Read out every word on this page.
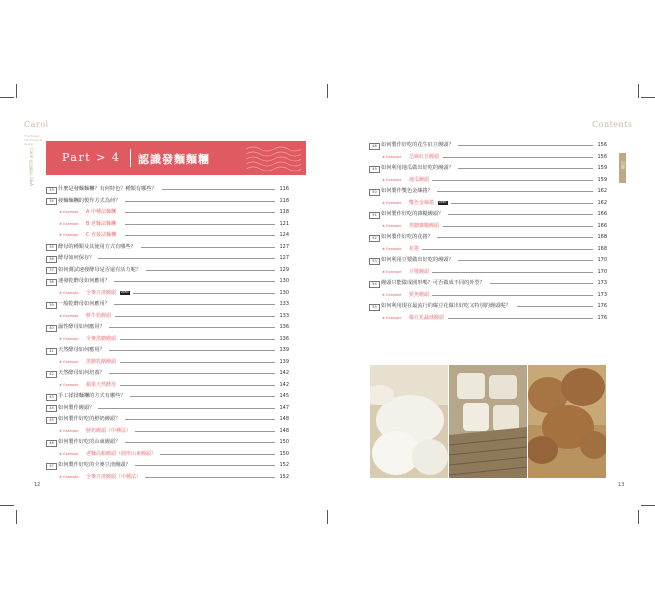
Carol
The Bread Tip Practical Guide
Carol 烘焙教室 Q&A	Part > 4 認識發麵麵糰
33 什麼是發麵麵糰？有何特色？種類有哪些？	116
34 發麵麵糰的製作方式為何？	118
★ Example A 中種法麵糰	118
★ Example B 老麵法麵糰	121
★ Example C 直接法麵糰	124
35 酵母的種類及其使用方式有哪些？	127
36 酵母如何保存？	127
37 如何測試速發酵母是否還有活力呢？	129
38 速發乾酵母如何應用？	130
★ Example 全麥豆渣饅頭	VIDEO	130
39 一般乾酵母如何應用？	133
★ Example 鮮牛奶饅頭	133
40 濕性酵母如何應用？	136
★ Example 全麥黑糖饅頭	136
41 天然酵母如何應用？	139
★ Example 黑糖乳酪饅頭	139
42 天然酵母如何培養？	142
★ Example 蘋果天然酵母	142
43 手工揉揉麵糰的方式有哪些？	145
44 如何製作饅頭？	147
45 如何製作好吃的鮮奶饅頭？	148
★ Example 鮮奶饅頭（中種法）	148
46 如何製作好吃的山東饅頭？	150
★ Example 老麵高粮饅頭（圓形山東饅頭）	150
47 如何製作好吃的全麥豆渣饅頭？	152
★ Example 全麥豆渣饅頭（中種法）	152
12
Contents
48 如何製作好吃的花生紅豆饅頭？	156
★ Example 芝麻紅豆饅頭	156
49 如何利用地瓜做出好吃的饅頭？	159
★ Example 地瓜饅頭	159
50 如何製作雙色金絲捲？	162
★ Example 雙色金絲捲	VIDEO	162
51 如何製作好吃的雜糧饅頭？	166
★ Example 黑糖雜糧饅頭	166
52 如何製作好吃的花捲？	168
★ Example 花捲	168
53 如何利用豆漿做出好吃的饅頭？	170
★ Example 豆漿饅頭	170
54 饅頭只能做成圓形嗎？可否做成不同的外型？	173
★ Example 鯊魚饅頭	173
55 如何利用現在最流行的爆豆花做出好吃又特別的饅頭呢？	176
★ Example 爆豆花蔬球饅頭	176
13
目錄
